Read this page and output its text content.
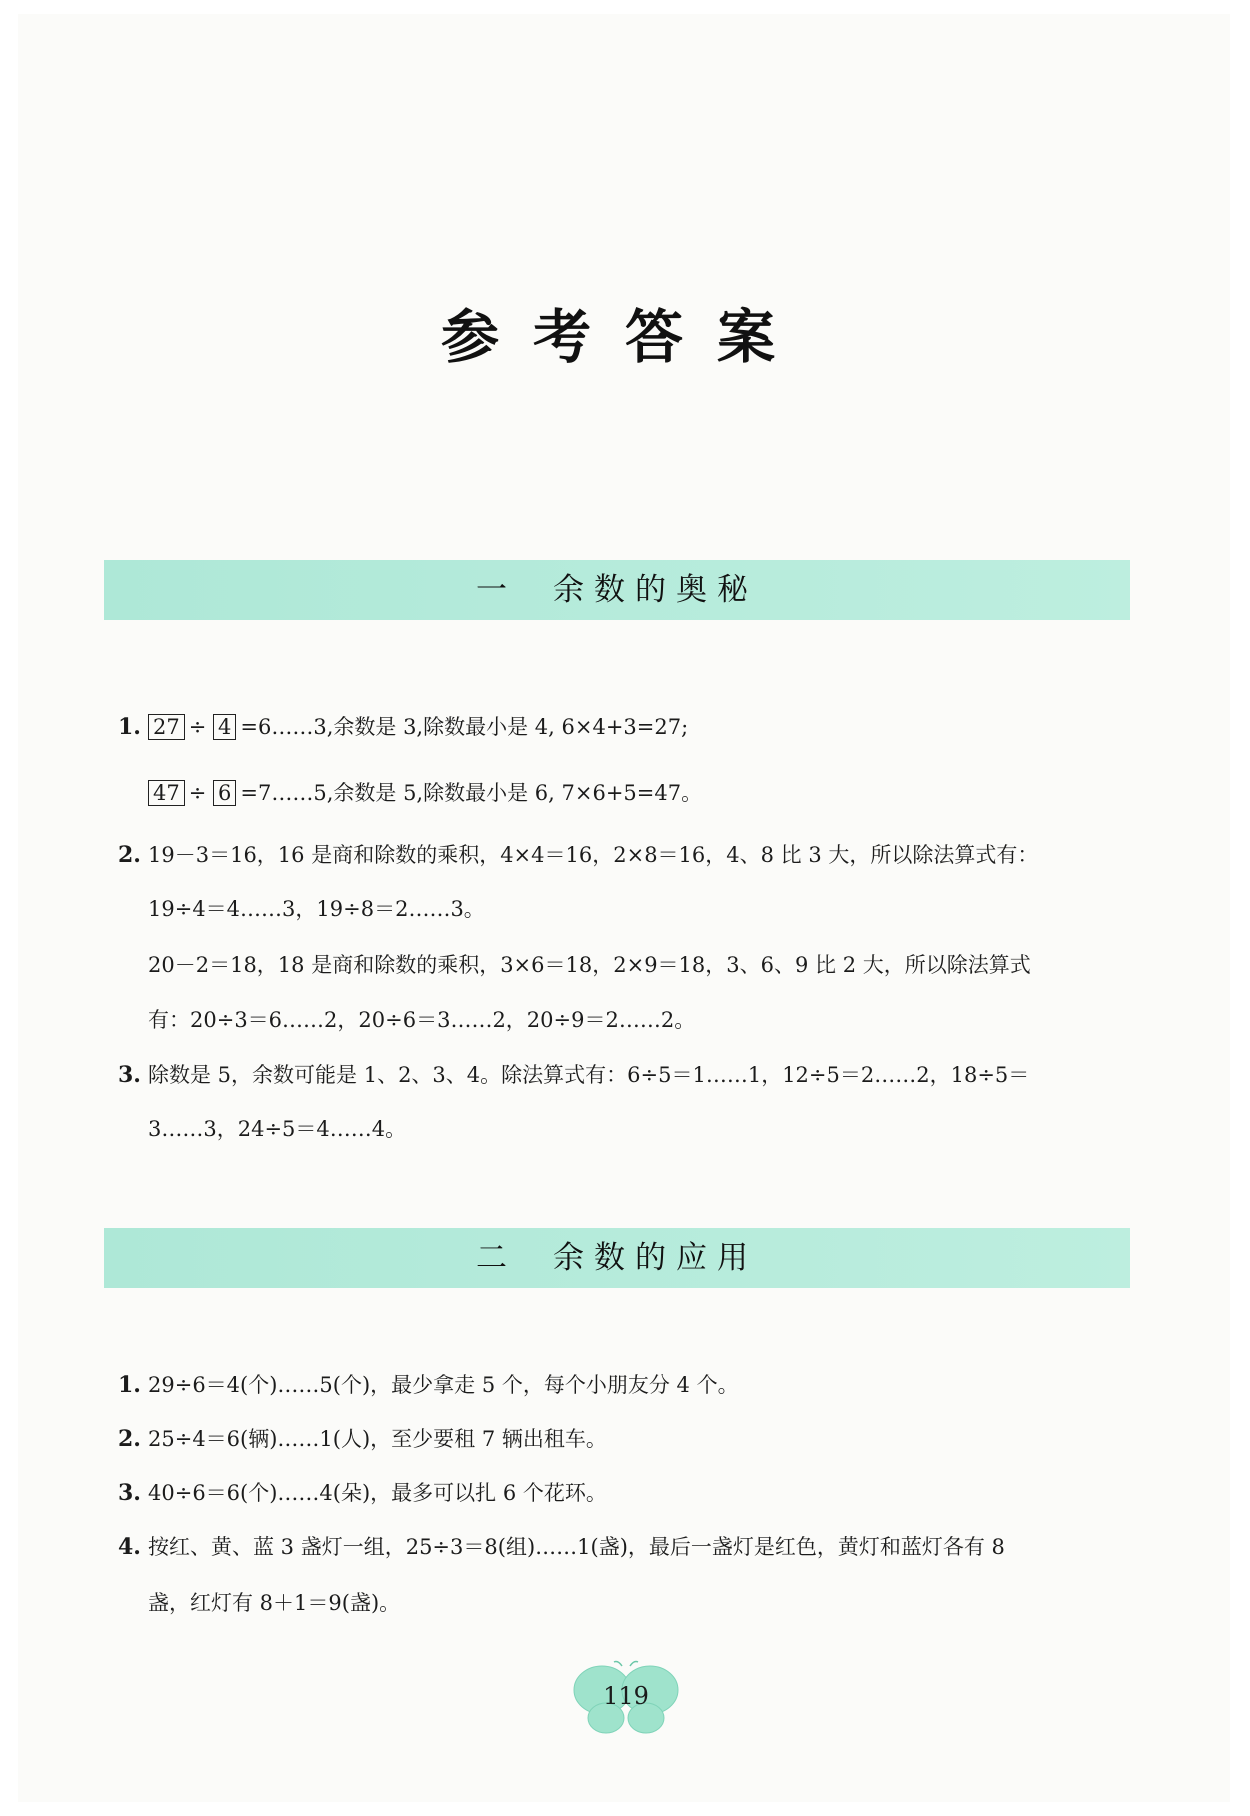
参考答案
一 余数的奥秘
1. 27 ÷ 4 =6……3,余数是 3,除数最小是 4, 6×4+3=27;
47 ÷ 6 =7……5,余数是 5,除数最小是 6, 7×6+5=47。
2. 19－3＝16，16 是商和除数的乘积，4×4＝16，2×8＝16，4、8 比 3 大，所以除法算式有：
19÷4＝4……3，19÷8＝2……3。
20－2＝18，18 是商和除数的乘积，3×6＝18，2×9＝18，3、6、9 比 2 大，所以除法算式
有：20÷3＝6……2，20÷6＝3……2，20÷9＝2……2。
3. 除数是 5，余数可能是 1、2、3、4。除法算式有：6÷5＝1……1，12÷5＝2……2，18÷5＝
3……3，24÷5＝4……4。
二 余数的应用
1. 29÷6＝4(个)……5(个)，最少拿走 5 个，每个小朋友分 4 个。
2. 25÷4＝6(辆)……1(人)，至少要租 7 辆出租车。
3. 40÷6＝6(个)……4(朵)，最多可以扎 6 个花环。
4. 按红、黄、蓝 3 盏灯一组，25÷3＝8(组)……1(盏)，最后一盏灯是红色，黄灯和蓝灯各有 8
盏，红灯有 8＋1＝9(盏)。
119
